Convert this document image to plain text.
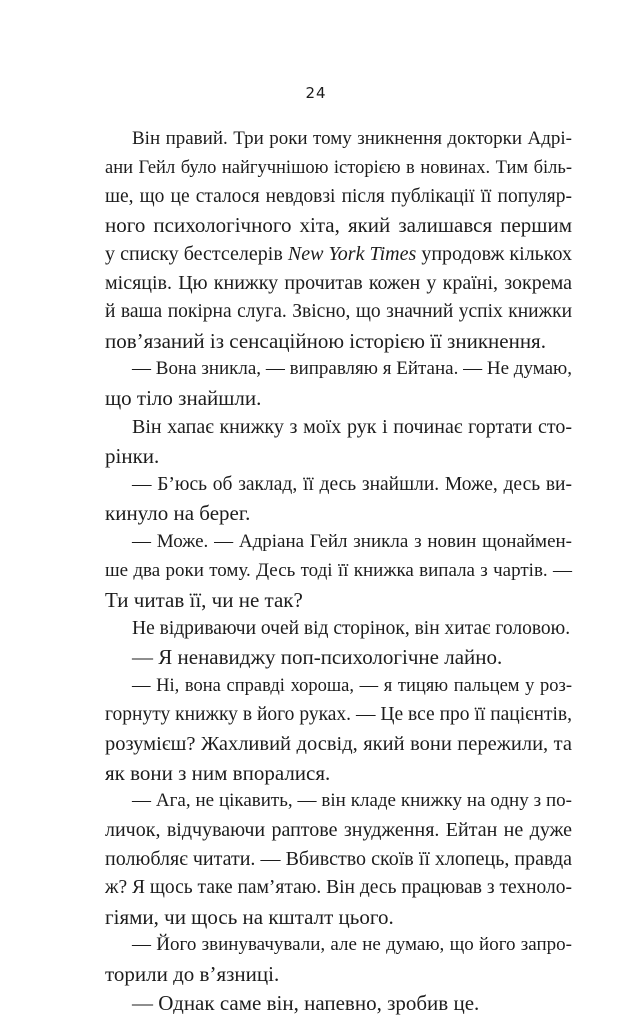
24
Він правий. Три роки тому зникнення докторки Адрі-
ани Гейл було найгучнішою історією в новинах. Тим біль-
ше, що це сталося невдовзі після публікації її популяр-
ного психологічного хіта, який залишався першим
у списку бестселерів New York Times упродовж кількох
місяців. Цю книжку прочитав кожен у країні, зокрема
й ваша покірна слуга. Звісно, що значний успіх книжки
пов’язаний із сенсаційною історією її зникнення.
— Вона зникла, — виправляю я Ейтана. — Не думаю,
що тіло знайшли.
Він хапає книжку з моїх рук і починає гортати сто-
рінки.
— Б’юсь об заклад, її десь знайшли. Може, десь ви-
кинуло на берег.
— Може. — Адріана Гейл зникла з новин щонаймен-
ше два роки тому. Десь тоді її книжка випала з чартів. —
Ти читав її, чи не так?
Не відриваючи очей від сторінок, він хитає головою.
— Я ненавиджу поп-психологічне лайно.
— Ні, вона справді хороша, — я тицяю пальцем у роз-
горнуту книжку в його руках. — Це все про її пацієнтів,
розумієш? Жахливий досвід, який вони пережили, та
як вони з ним впоралися.
— Ага, не цікавить, — він кладе книжку на одну з по-
личок, відчуваючи раптове знудження. Ейтан не дуже
полюбляє читати. — Вбивство скоїв її хлопець, правда
ж? Я щось таке пам’ятаю. Він десь працював з техноло-
гіями, чи щось на кшталт цього.
— Його звинувачували, але не думаю, що його запро-
торили до в’язниці.
— Однак саме він, напевно, зробив це.
